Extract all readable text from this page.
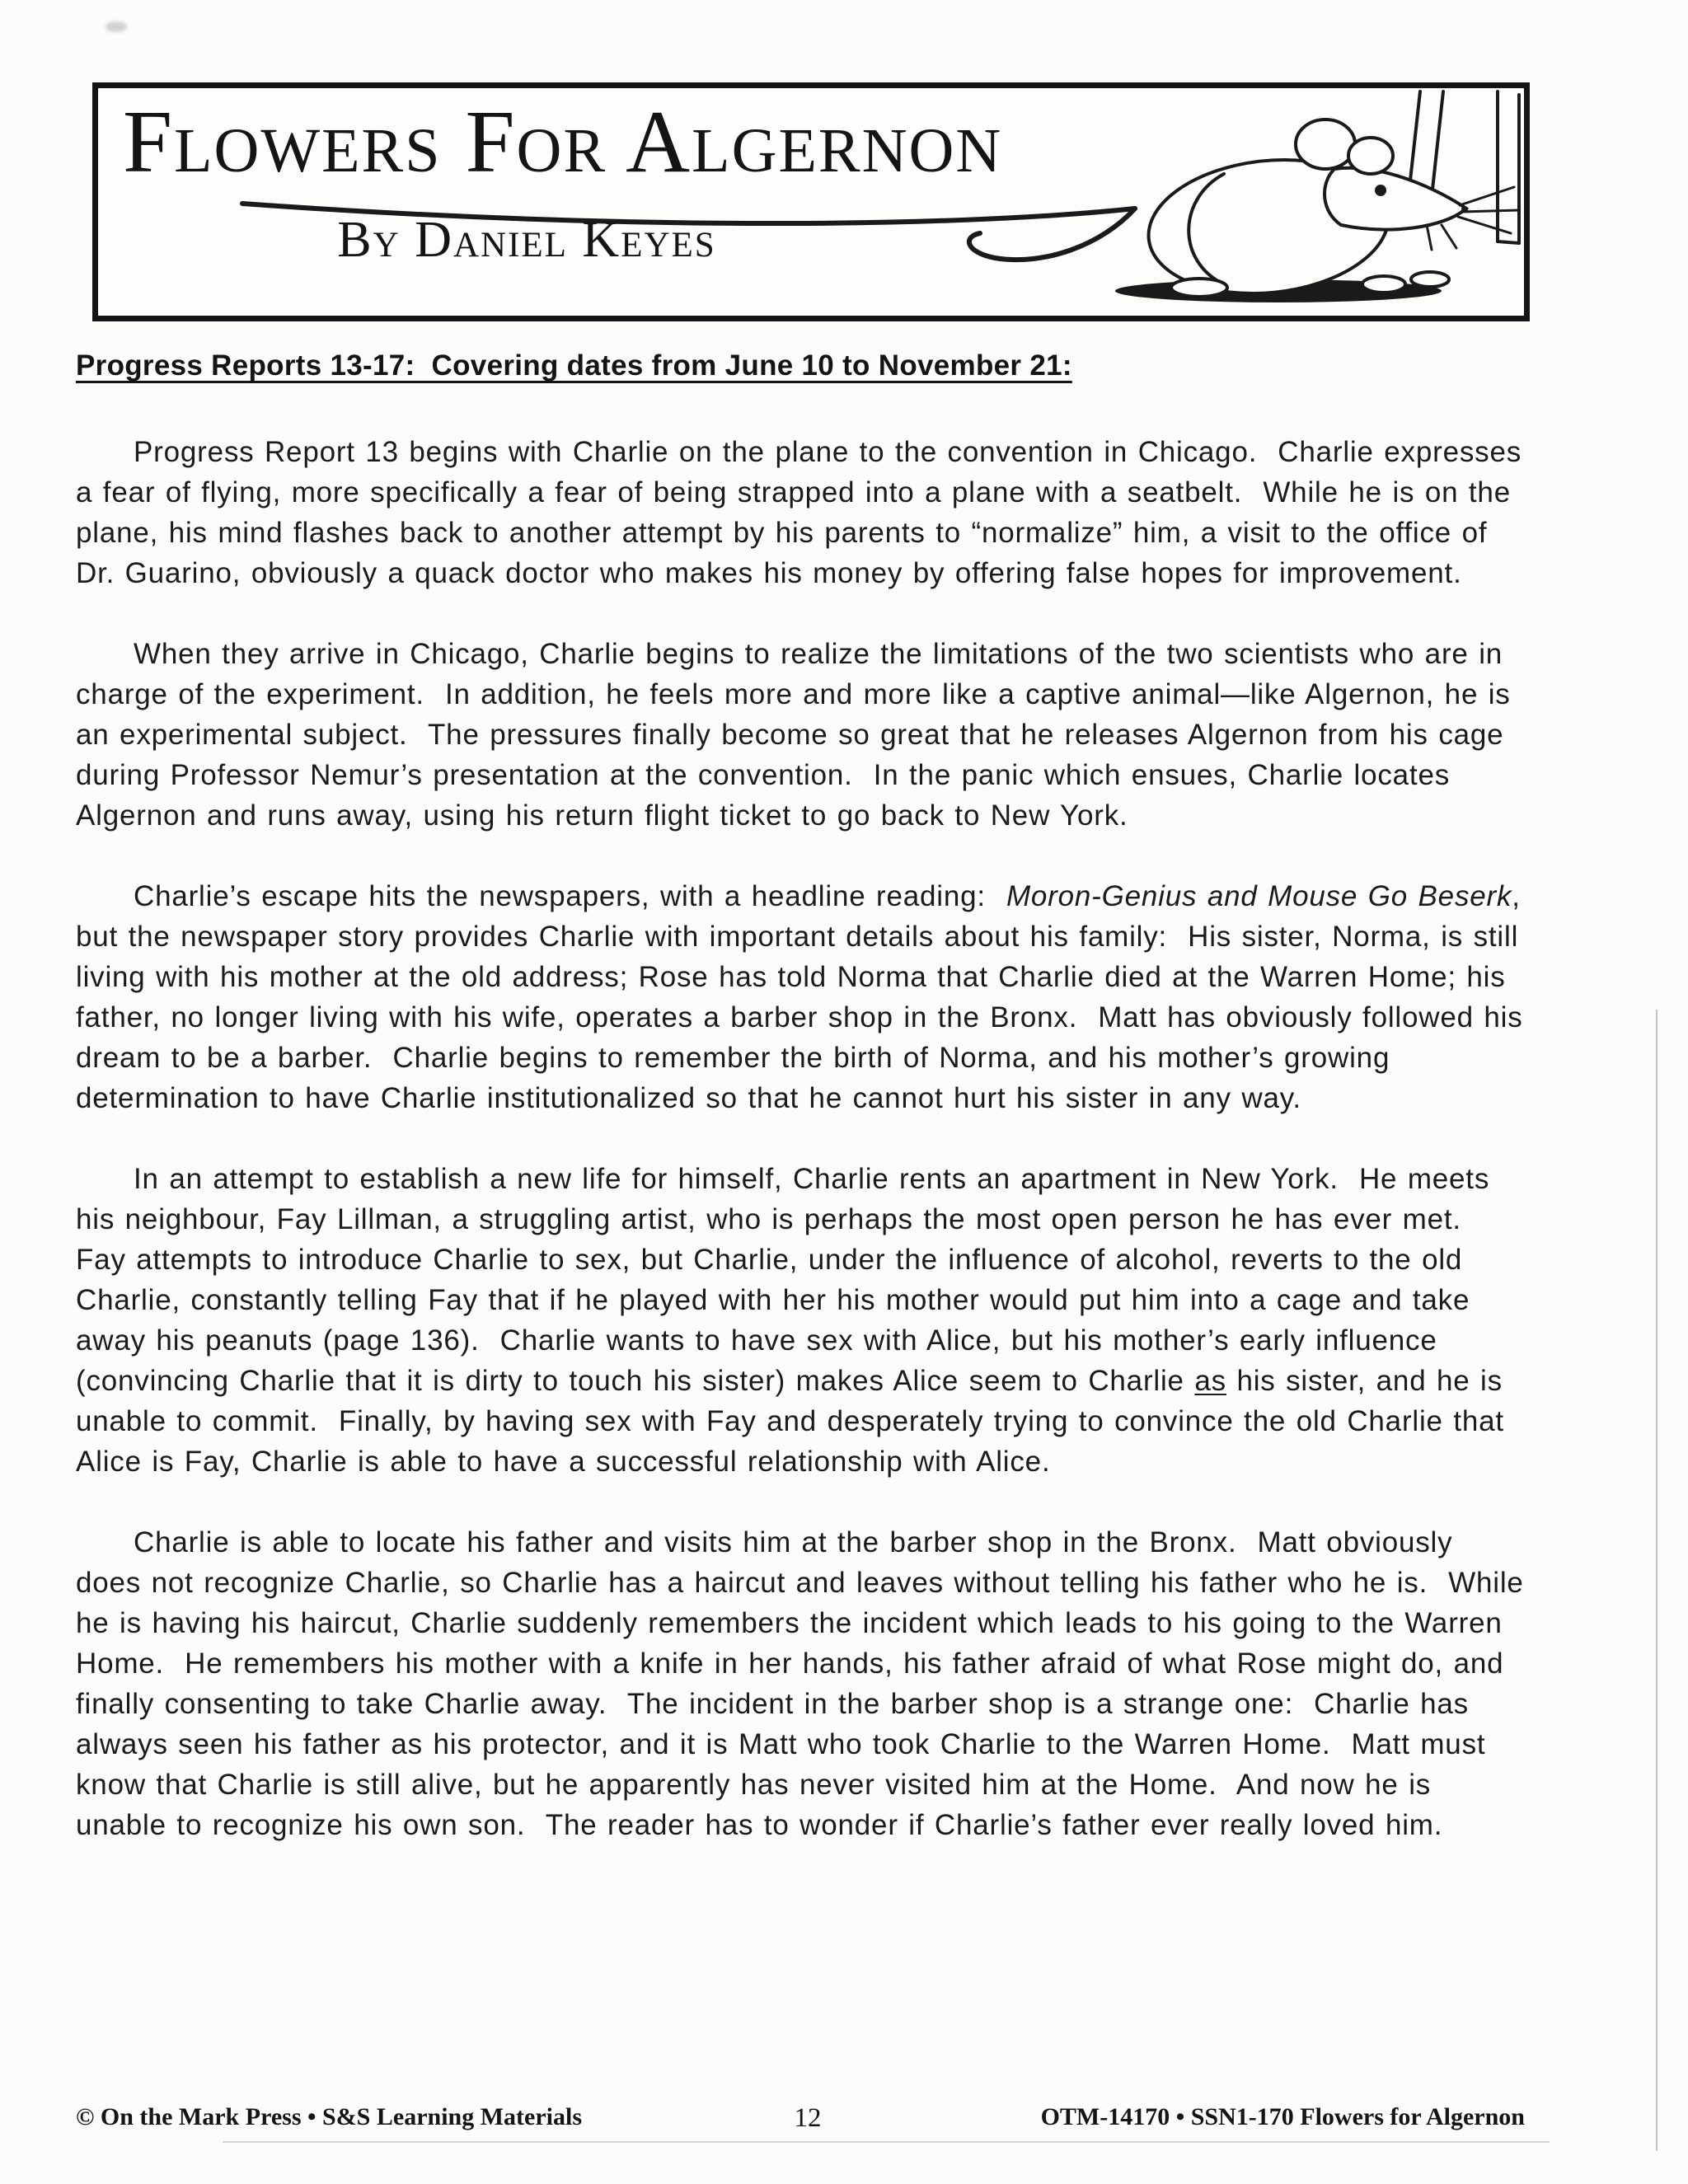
Flowers For Algernon
By Daniel Keyes
Progress Reports 13-17:  Covering dates from June 10 to November 21:

Progress Report 13 begins with Charlie on the plane to the convention in Chicago.  Charlie expresses a fear of flying, more specifically a fear of being strapped into a plane with a seatbelt.  While he is on the plane, his mind flashes back to another attempt by his parents to “normalize” him, a visit to the office of Dr. Guarino, obviously a quack doctor who makes his money by offering false hopes for improvement.

When they arrive in Chicago, Charlie begins to realize the limitations of the two scientists who are in charge of the experiment.  In addition, he feels more and more like a captive animal—like Algernon, he is an experimental subject.  The pressures finally become so great that he releases Algernon from his cage during Professor Nemur’s presentation at the convention.  In the panic which ensues, Charlie locates Algernon and runs away, using his return flight ticket to go back to New York.

Charlie’s escape hits the newspapers, with a headline reading:  Moron-Genius and Mouse Go Beserk, but the newspaper story provides Charlie with important details about his family:  His sister, Norma, is still living with his mother at the old address; Rose has told Norma that Charlie died at the Warren Home; his father, no longer living with his wife, operates a barber shop in the Bronx.  Matt has obviously followed his dream to be a barber.  Charlie begins to remember the birth of Norma, and his mother’s growing determination to have Charlie institutionalized so that he cannot hurt his sister in any way.

In an attempt to establish a new life for himself, Charlie rents an apartment in New York.  He meets his neighbour, Fay Lillman, a struggling artist, who is perhaps the most open person he has ever met.  Fay attempts to introduce Charlie to sex, but Charlie, under the influence of alcohol, reverts to the old Charlie, constantly telling Fay that if he played with her his mother would put him into a cage and take away his peanuts (page 136).  Charlie wants to have sex with Alice, but his mother’s early influence (convincing Charlie that it is dirty to touch his sister) makes Alice seem to Charlie as his sister, and he is unable to commit.  Finally, by having sex with Fay and desperately trying to convince the old Charlie that Alice is Fay, Charlie is able to have a successful relationship with Alice.

Charlie is able to locate his father and visits him at the barber shop in the Bronx.  Matt obviously does not recognize Charlie, so Charlie has a haircut and leaves without telling his father who he is.  While he is having his haircut, Charlie suddenly remembers the incident which leads to his going to the Warren Home.  He remembers his mother with a knife in her hands, his father afraid of what Rose might do, and finally consenting to take Charlie away.  The incident in the barber shop is a strange one:  Charlie has always seen his father as his protector, and it is Matt who took Charlie to the Warren Home.  Matt must know that Charlie is still alive, but he apparently has never visited him at the Home.  And now he is unable to recognize his own son.  The reader has to wonder if Charlie’s father ever really loved him.

© On the Mark Press • S&S Learning Materials	12	OTM-14170 • SSN1-170 Flowers for Algernon
